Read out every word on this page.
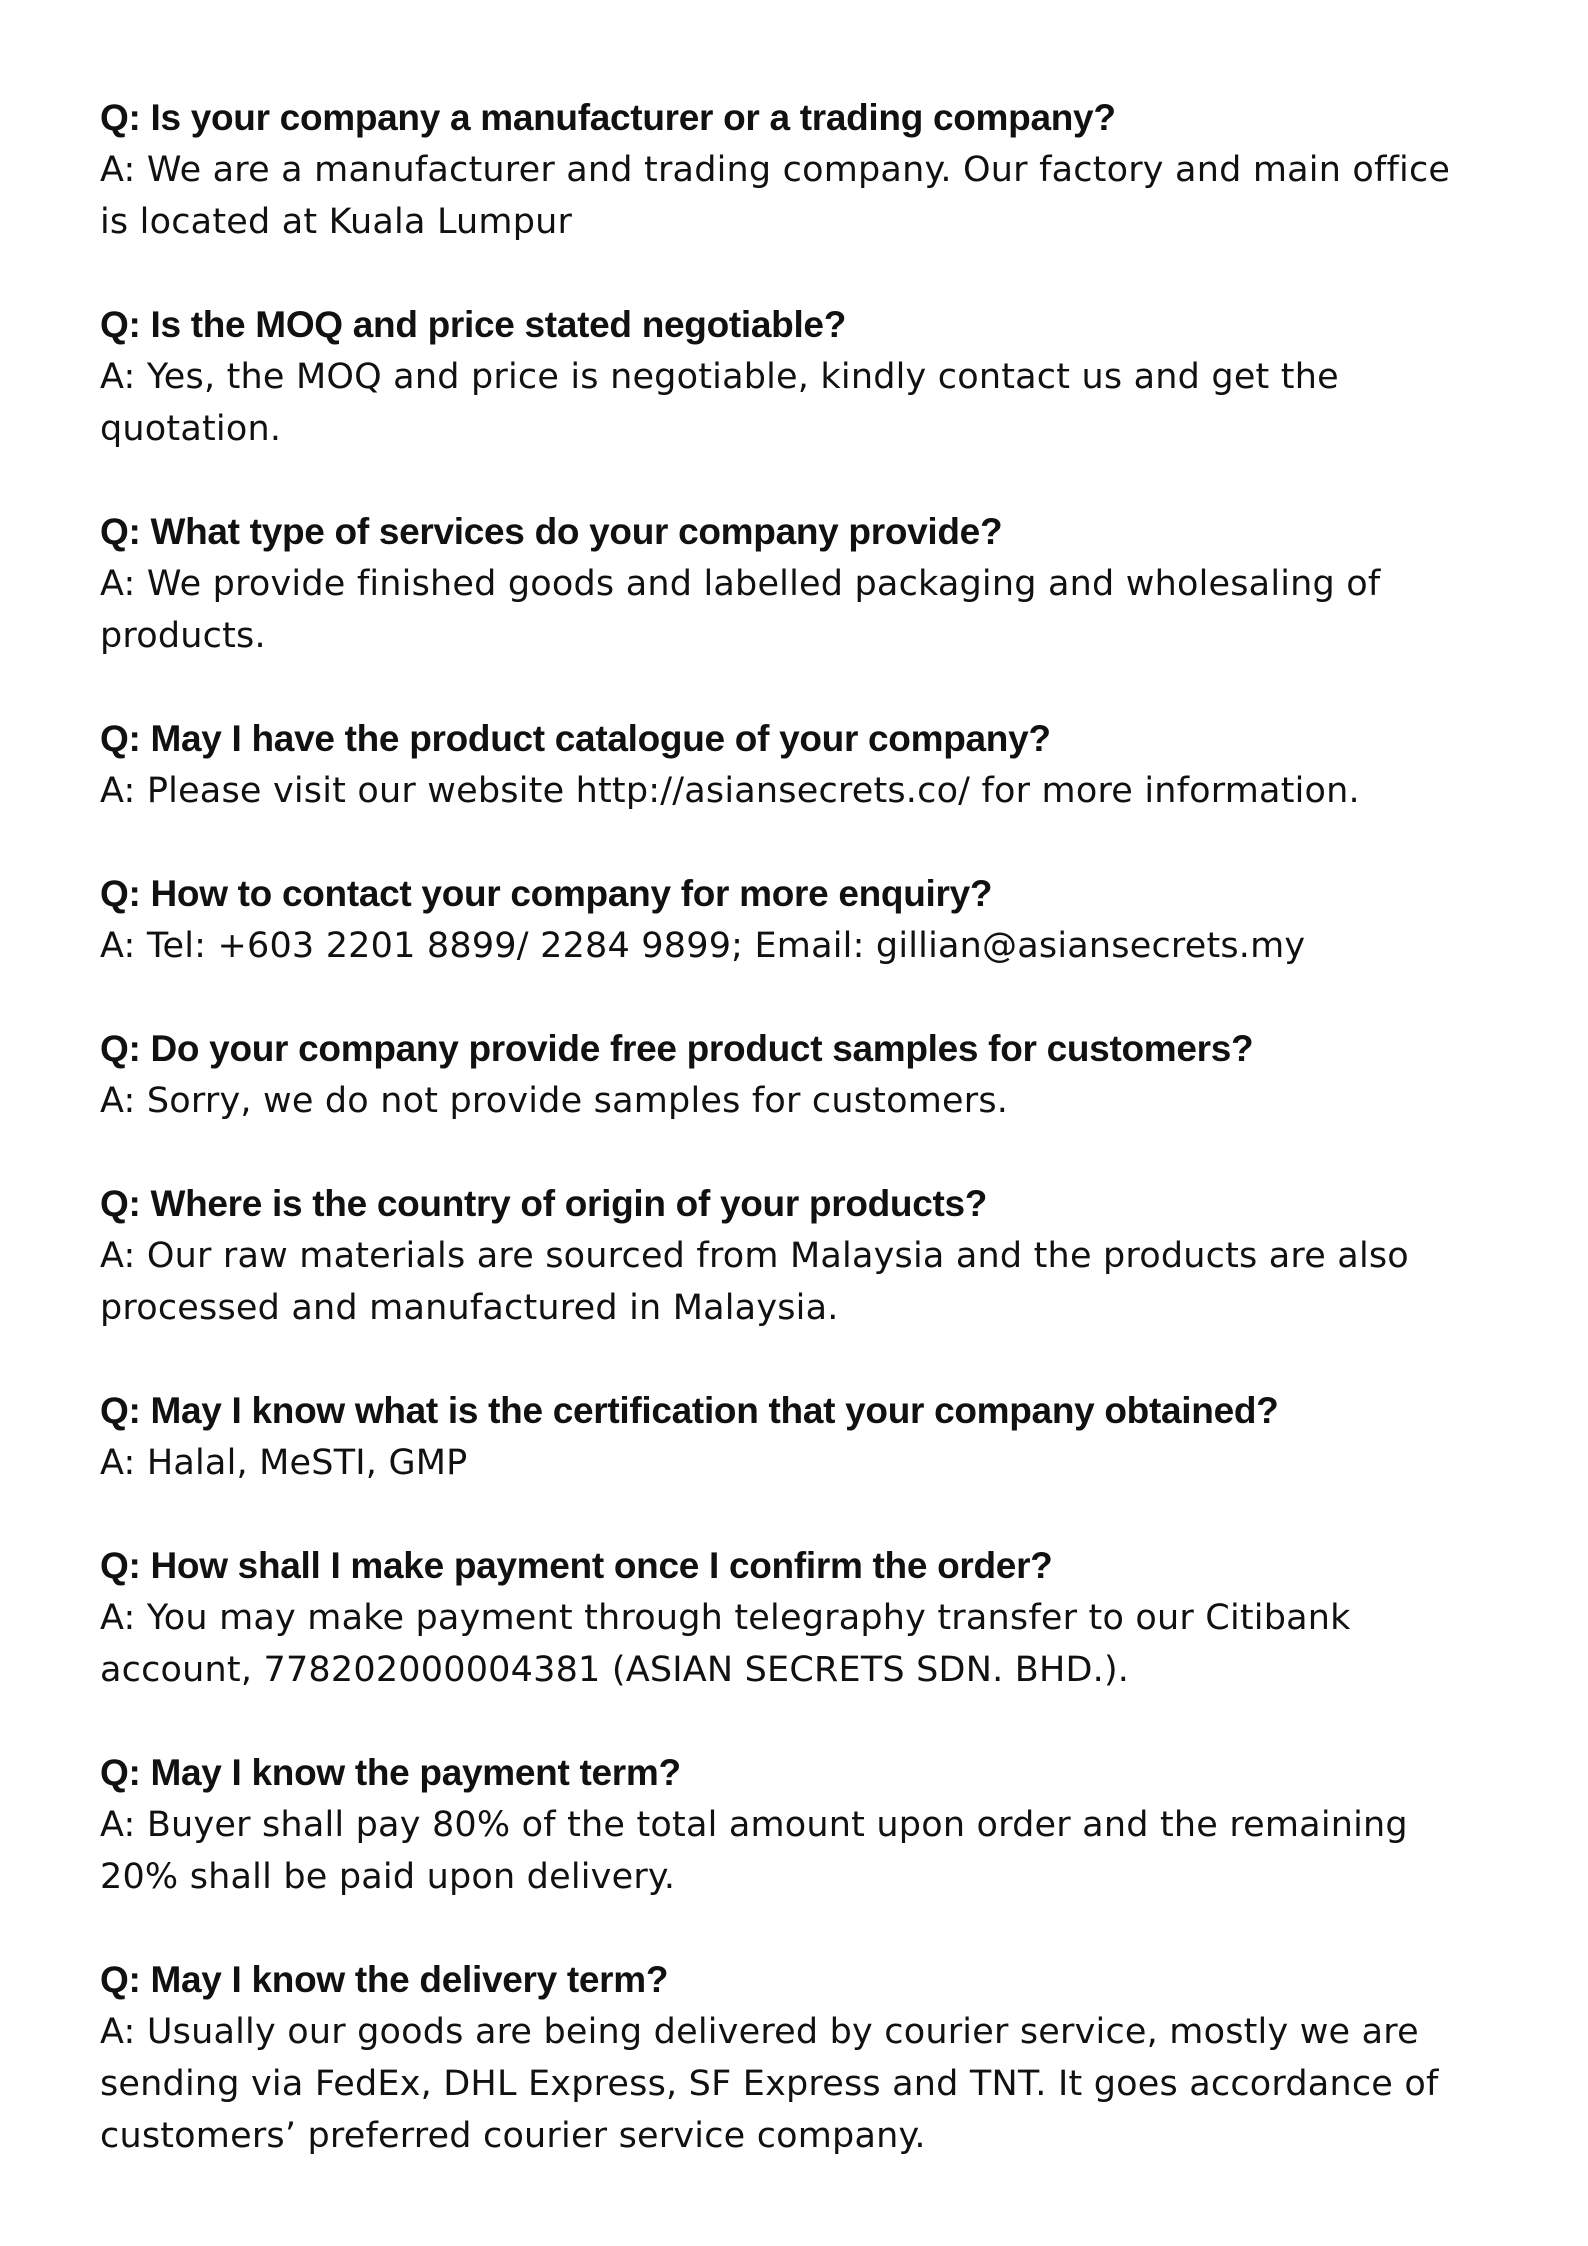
Q: Is your company a manufacturer or a trading company?
A: We are a manufacturer and trading company. Our factory and main office
is located at Kuala Lumpur
Q: Is the MOQ and price stated negotiable?
A: Yes, the MOQ and price is negotiable, kindly contact us and get the
quotation.
Q: What type of services do your company provide?
A: We provide finished goods and labelled packaging and wholesaling of
products.
Q: May I have the product catalogue of your company?
A: Please visit our website http://asiansecrets.co/ for more information.
Q: How to contact your company for more enquiry?
A: Tel: +603 2201 8899/ 2284 9899; Email: gillian@asiansecrets.my
Q: Do your company provide free product samples for customers?
A: Sorry, we do not provide samples for customers.
Q: Where is the country of origin of your products?
A: Our raw materials are sourced from Malaysia and the products are also
processed and manufactured in Malaysia.
Q: May I know what is the certification that your company obtained?
A: Halal, MeSTI, GMP
Q: How shall I make payment once I confirm the order?
A: You may make payment through telegraphy transfer to our Citibank
account, 778202000004381 (ASIAN SECRETS SDN. BHD.).
Q: May I know the payment term?
A: Buyer shall pay 80% of the total amount upon order and the remaining
20% shall be paid upon delivery.
Q: May I know the delivery term?
A: Usually our goods are being delivered by courier service, mostly we are
sending via FedEx, DHL Express, SF Express and TNT. It goes accordance of
customers’ preferred courier service company.
